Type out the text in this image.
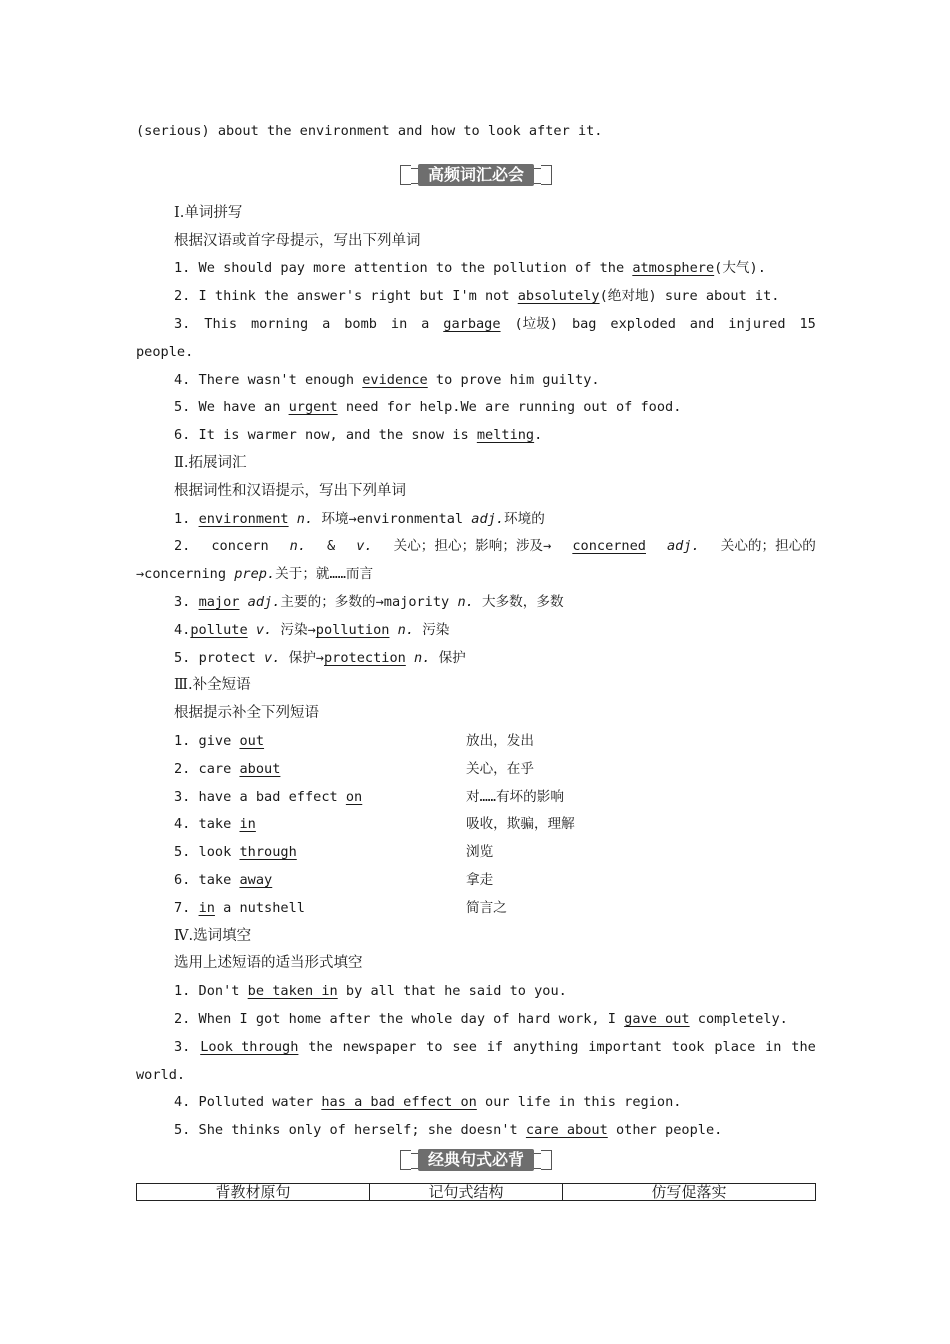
(serious) about the environment and how to look after it.
高频词汇必会
Ⅰ.单词拼写
根据汉语或首字母提示，写出下列单词
1. We should pay more attention to the pollution of the atmosphere(大气).
2. I think the answer's right but I'm not absolutely(绝对地) sure about it.
3. This morning a bomb in a garbage (垃圾) bag exploded and injured 15
people.
4. There wasn't enough evidence to prove him guilty.
5. We have an urgent need for help.We are running out of food.
6. It is warmer now, and the snow is melting.
Ⅱ.拓展词汇
根据词性和汉语提示，写出下列单词
1. environment n. 环境→environmental adj.环境的
2. concern n. & v. 关心；担心；影响；涉及→ concerned adj. 关心的；担心的
→concerning prep.关于；就……而言
3. major adj.主要的；多数的→majority n. 大多数，多数
4.pollute v. 污染→pollution n. 污染
5. protect v. 保护→protection n. 保护
Ⅲ.补全短语
根据提示补全下列短语
1. give out	放出，发出
2. care about	关心，在乎
3. have a bad effect on	对……有坏的影响
4. take in	吸收，欺骗，理解
5. look through	浏览
6. take away	拿走
7. in a nutshell	简言之
Ⅳ.选词填空
选用上述短语的适当形式填空
1. Don't be taken in by all that he said to you.
2. When I got home after the whole day of hard work, I gave out completely.
3. Look through the newspaper to see if anything important took place in the
world.
4. Polluted water has a bad effect on our life in this region.
5. She thinks only of herself; she doesn't care about other people.
经典句式必背
背教材原句	记句式结构	仿写促落实
